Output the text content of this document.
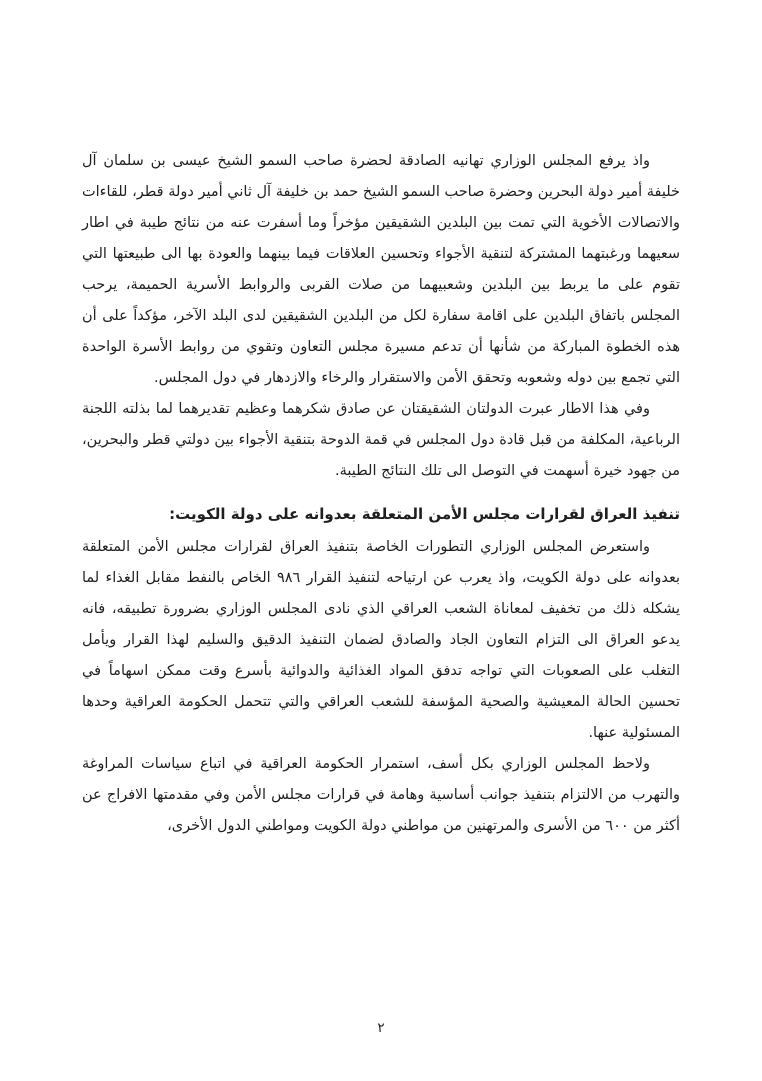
واذ يرفع المجلس الوزاري تهانيه الصادقة لحضرة صاحب السمو الشيخ عيسى بن سلمان آل خليفة أمير دولة البحرين وحضرة صاحب السمو الشيخ حمد بن خليفة آل ثاني أمير دولة قطر، للقاءات والاتصالات الأخوية التي تمت بين البلدين الشقيقين مؤخراً وما أسفرت عنه من نتائج طيبة في اطار سعيهما ورغبتهما المشتركة لتنقية الأجواء وتحسين العلاقات فيما بينهما والعودة بها الى طبيعتها التي تقوم على ما يربط بين البلدين وشعبيهما من صلات القربى والروابط الأسرية الحميمة، يرحب المجلس باتفاق البلدين على اقامة سفارة لكل من البلدين الشقيقين لدى البلد الآخر، مؤكداً على أن هذه الخطوة المباركة من شأنها أن تدعم مسيرة مجلس التعاون وتقوي من روابط الأسرة الواحدة التي تجمع بين دوله وشعوبه وتحقق الأمن والاستقرار والرخاء والازدهار في دول المجلس.

وفي هذا الاطار عبرت الدولتان الشقيقتان عن صادق شكرهما وعظيم تقديرهما لما بذلته اللجنة الرباعية، المكلفة من قبل قادة دول المجلس في قمة الدوحة بتنقية الأجواء بين دولتي قطر والبحرين، من جهود خيرة أسهمت في التوصل الى تلك النتائج الطيبة.

تنفيذ العراق لقرارات مجلس الأمن المتعلقة بعدوانه على دولة الكويت:

واستعرض المجلس الوزاري التطورات الخاصة بتنفيذ العراق لقرارات مجلس الأمن المتعلقة بعدوانه على دولة الكويت، واذ يعرب عن ارتياحه لتنفيذ القرار ٩٨٦ الخاص بالنفط مقابل الغذاء لما يشكله ذلك من تخفيف لمعاناة الشعب العراقي الذي نادى المجلس الوزاري بضرورة تطبيقه، فانه يدعو العراق الى التزام التعاون الجاد والصادق لضمان التنفيذ الدقيق والسليم لهذا القرار ويأمل التغلب على الصعوبات التي تواجه تدفق المواد الغذائية والدوائية بأسرع وقت ممكن اسهاماً في تحسين الحالة المعيشية والصحية المؤسفة للشعب العراقي والتي تتحمل الحكومة العراقية وحدها المسئولية عنها.

ولاحظ المجلس الوزاري بكل أسف، استمرار الحكومة العراقية في اتباع سياسات المراوغة والتهرب من الالتزام بتنفيذ جوانب أساسية وهامة في قرارات مجلس الأمن وفي مقدمتها الافراج عن أكثر من ٦٠٠ من الأسرى والمرتهنين من مواطني دولة الكويت ومواطني الدول الأخرى،

٢
